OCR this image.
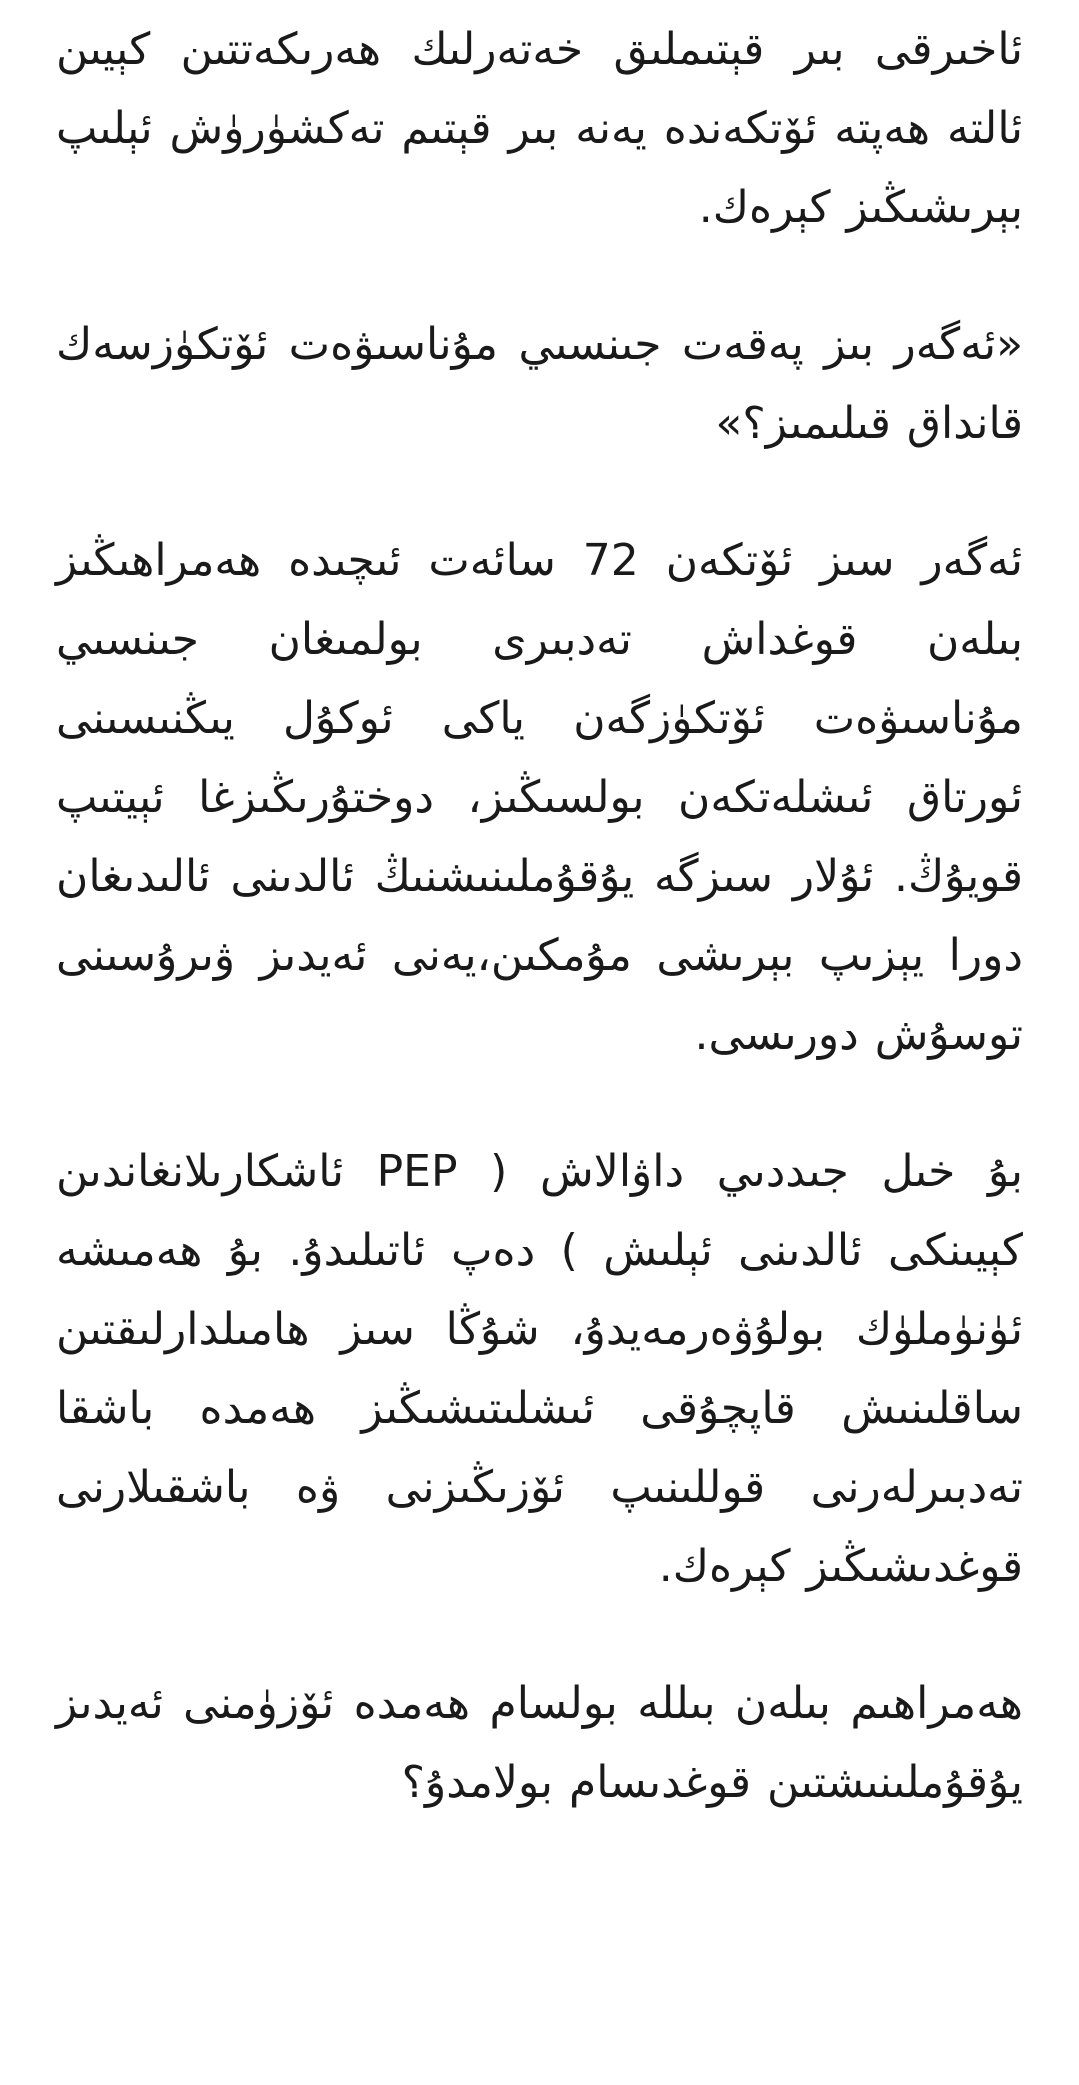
ئاخىرقى بىر قېتىملىق خەتەرلىك ھەرىكەتتىن كېيىن ئالتە ھەپتە ئۆتكەندە يەنە بىر قېتىم تەكشۈرۈش ئېلىپ بېرىشىڭىز كېرەك.

«ئەگەر بىز پەقەت جىنسىي مۇناسىۋەت ئۆتكۈزسەك قانداق قىلىمىز؟»

ئەگەر سىز ئۆتكەن 72 سائەت ئىچىدە ھەمراھىڭىز بىلەن قوغداش تەدبىرى بولمىغان جىنسىي مۇناسىۋەت ئۆتكۈزگەن ياكى ئوكۇل يىڭنىسىنى ئورتاق ئىشلەتكەن بولسىڭىز، دوختۇرىڭىزغا ئېيتىپ قويۇڭ. ئۇلار سىزگە يۇقۇملىنىشنىڭ ئالدىنى ئالىدىغان دورا يېزىپ بېرىشى مۇمكىن،يەنى ئەيدىز ۋىرۇسىنى توسۇش دورىسى.

بۇ خىل جىددىي داۋالاش ( PEP ئاشكارىلانغاندىن كېيىنكى ئالدىنى ئېلىش ) دەپ ئاتىلىدۇ. بۇ ھەمىشە ئۈنۈملۈك بولۇۋەرمەيدۇ، شۇڭا سىز ھامىلدارلىقتىن ساقلىنىش قاپچۇقى ئىشلىتىشىڭىز ھەمدە باشقا تەدبىرلەرنى قوللىنىپ ئۆزىڭىزنى ۋە باشقىلارنى قوغدىشىڭىز كېرەك.

ھەمراھىم بىلەن بىللە بولسام ھەمدە ئۆزۈمنى ئەيدىز يۇقۇملىنىشتىن قوغدىسام بولامدۇ؟
